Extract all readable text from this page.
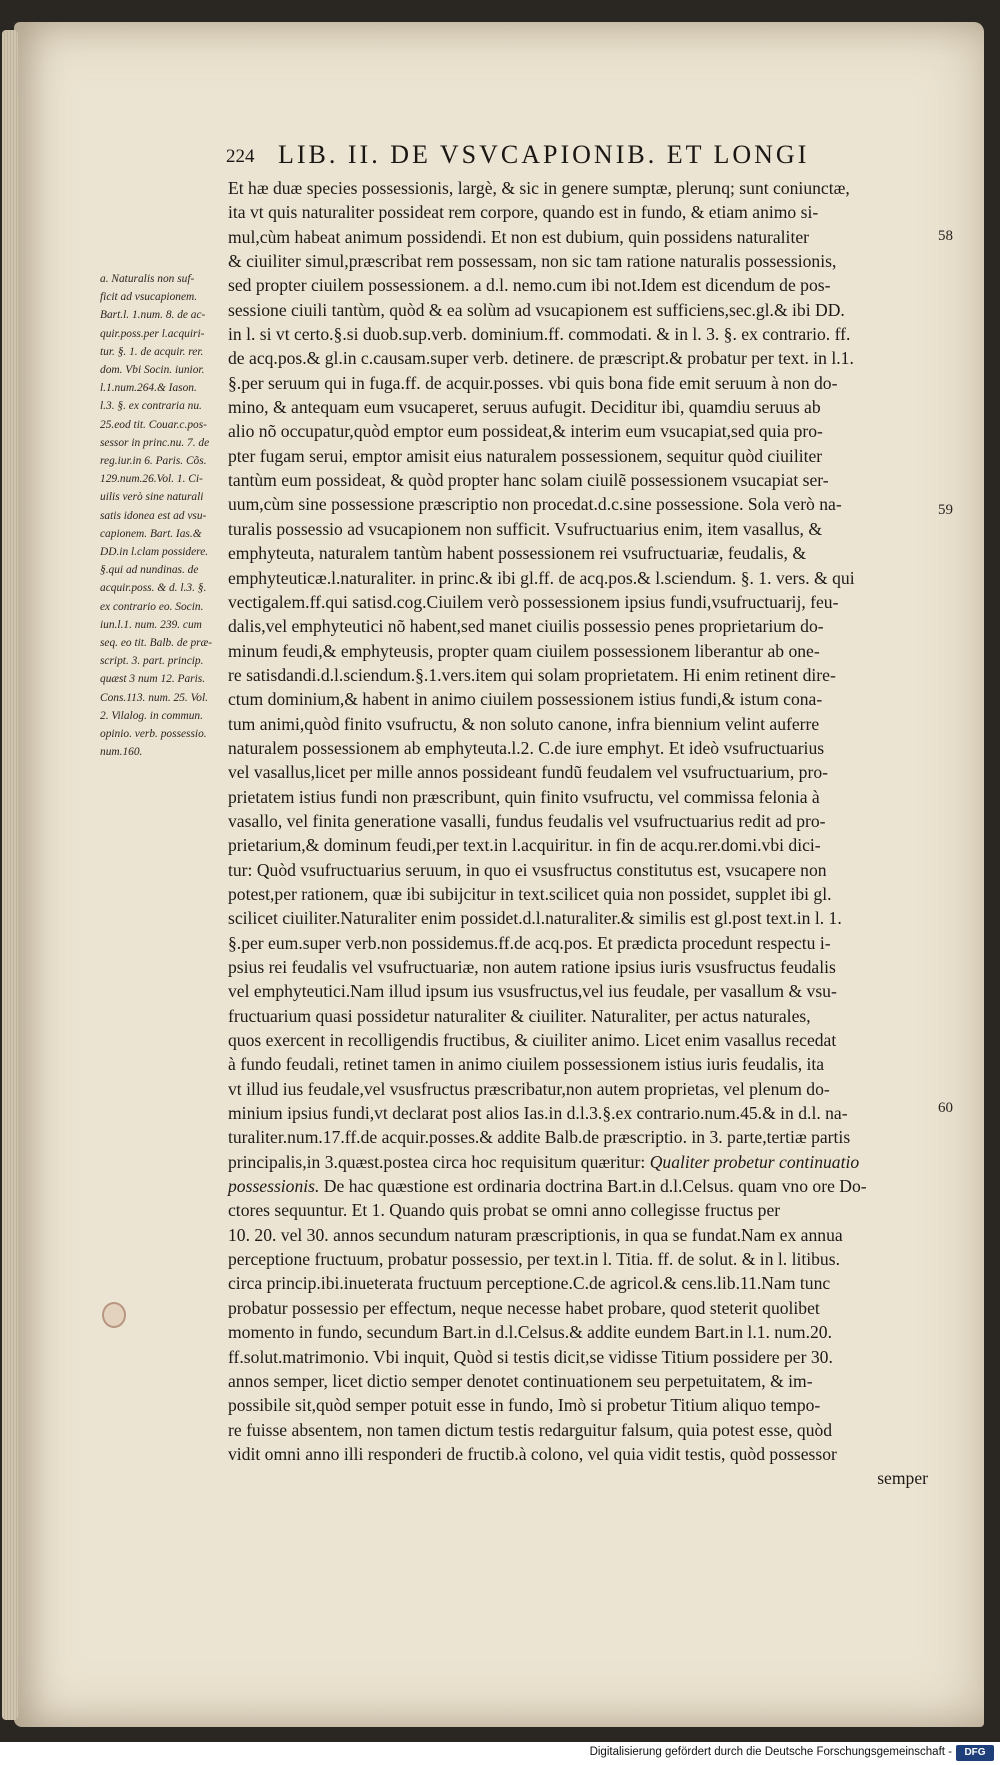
224 LIB. II. DE VSVCAPIONIB. ET LONGI
a. Naturalis non suf-
ficit ad vsucapionem.
Bart.l. 1.num. 8. de ac-
quir.poss.per l.acquiri-
tur. §. 1. de acquir. rer.
dom. Vbi Socin. iunior.
l.1.num.264.& Iason.
l.3. §. ex contraria nu.
25.eod tit. Couar.c.pos-
sessor in princ.nu. 7. de
reg.iur.in 6. Paris. Cõs.
129.num.26.Vol. 1. Ci-
uilis verò sine naturali
satis idonea est ad vsu-
capionem. Bart. Ias.&
DD.in l.clam possidere.
§.qui ad nundinas. de
acquir.poss. & d. l.3. §.
ex contrario eo. Socin.
iun.l.1. num. 239. cum
seq. eo tit. Balb. de præ-
script. 3. part. princip.
quæst 3 num 12. Paris.
Cons.113. num. 25. Vol.
2. Vilalog. in commun.
opinio. verb. possessio.
num.160.
Et hæ duæ species possessionis, largè, & sic in genere sumptæ, plerunq; sunt coniunctæ,
ita vt quis naturaliter possideat rem corpore, quando est in fundo, & etiam animo si-
mul,cùm habeat animum possidendi. Et non est dubium, quin possidens naturaliter
& ciuiliter simul,præscribat rem possessam, non sic tam ratione naturalis possessionis,
sed propter ciuilem possessionem. a d.l. nemo.cum ibi not.Idem est dicendum de pos-
sessione ciuili tantùm, quòd & ea solùm ad vsucapionem est sufficiens,sec.gl.& ibi DD.
in l. si vt certo.§.si duob.sup.verb. dominium.ff. commodati. & in l. 3. §. ex contrario. ff.
de acq.pos.& gl.in c.causam.super verb. detinere. de præscript.& probatur per text. in l.1.
§.per seruum qui in fuga.ff. de acquir.posses. vbi quis bona fide emit seruum à non do-
mino, & antequam eum vsucaperet, seruus aufugit. Deciditur ibi, quamdiu seruus ab
alio nõ occupatur,quòd emptor eum possideat,& interim eum vsucapiat,sed quia pro-
pter fugam serui, emptor amisit eius naturalem possessionem, sequitur quòd ciuiliter
tantùm eum possideat, & quòd propter hanc solam ciuilẽ possessionem vsucapiat ser-
uum,cùm sine possessione præscriptio non procedat.d.c.sine possessione. Sola verò na-
turalis possessio ad vsucapionem non sufficit. Vsufructuarius enim, item vasallus, &
emphyteuta, naturalem tantùm habent possessionem rei vsufructuariæ, feudalis, &
emphyteuticæ.l.naturaliter. in princ.& ibi gl.ff. de acq.pos.& l.sciendum. §. 1. vers. & qui
vectigalem.ff.qui satisd.cog.Ciuilem verò possessionem ipsius fundi,vsufructuarij, feu-
dalis,vel emphyteutici nõ habent,sed manet ciuilis possessio penes proprietarium do-
minum feudi,& emphyteusis, propter quam ciuilem possessionem liberantur ab one-
re satisdandi.d.l.sciendum.§.1.vers.item qui solam proprietatem. Hi enim retinent dire-
ctum dominium,& habent in animo ciuilem possessionem istius fundi,& istum cona-
tum animi,quòd finito vsufructu, & non soluto canone, infra biennium velint auferre
naturalem possessionem ab emphyteuta.l.2. C.de iure emphyt. Et ideò vsufructuarius
vel vasallus,licet per mille annos possideant fundũ feudalem vel vsufructuarium, pro-
prietatem istius fundi non præscribunt, quin finito vsufructu, vel commissa felonia à
vasallo, vel finita generatione vasalli, fundus feudalis vel vsufructuarius redit ad pro-
prietarium,& dominum feudi,per text.in l.acquiritur. in fin de acqu.rer.domi.vbi dici-
tur: Quòd vsufructuarius seruum, in quo ei vsusfructus constitutus est, vsucapere non
potest,per rationem, quæ ibi subijcitur in text.scilicet quia non possidet, supplet ibi gl.
scilicet ciuiliter.Naturaliter enim possidet.d.l.naturaliter.& similis est gl.post text.in l. 1.
§.per eum.super verb.non possidemus.ff.de acq.pos. Et prædicta procedunt respectu i-
psius rei feudalis vel vsufructuariæ, non autem ratione ipsius iuris vsusfructus feudalis
vel emphyteutici.Nam illud ipsum ius vsusfructus,vel ius feudale, per vasallum & vsu-
fructuarium quasi possidetur naturaliter & ciuiliter. Naturaliter, per actus naturales,
quos exercent in recolligendis fructibus, & ciuiliter animo. Licet enim vasallus recedat
à fundo feudali, retinet tamen in animo ciuilem possessionem istius iuris feudalis, ita
vt illud ius feudale,vel vsusfructus præscribatur,non autem proprietas, vel plenum do-
minium ipsius fundi,vt declarat post alios Ias.in d.l.3.§.ex contrario.num.45.& in d.l. na-
turaliter.num.17.ff.de acquir.posses.& addite Balb.de præscriptio. in 3. parte,tertiæ partis
principalis,in 3.quæst.postea circa hoc requisitum quæritur: Qualiter probetur continuatio
possessionis. De hac quæstione est ordinaria doctrina Bart.in d.l.Celsus. quam vno ore Do-
ctores sequuntur. Et 1. Quando quis probat se omni anno collegisse fructus per
10. 20. vel 30. annos secundum naturam præscriptionis, in qua se fundat.Nam ex annua
perceptione fructuum, probatur possessio, per text.in l. Titia. ff. de solut. & in l. litibus.
circa princip.ibi.inueterata fructuum perceptione.C.de agricol.& cens.lib.11.Nam tunc
probatur possessio per effectum, neque necesse habet probare, quod steterit quolibet
momento in fundo, secundum Bart.in d.l.Celsus.& addite eundem Bart.in l.1. num.20.
ff.solut.matrimonio. Vbi inquit, Quòd si testis dicit,se vidisse Titium possidere per 30.
annos semper, licet dictio semper denotet continuationem seu perpetuitatem, & im-
possibile sit,quòd semper potuit esse in fundo, Imò si probetur Titium aliquo tempo-
re fuisse absentem, non tamen dictum testis redarguitur falsum, quia potest esse, quòd
vidit omni anno illi responderi de fructib.à colono, vel quia vidit testis, quòd possessor
semper
58
59
60
Digitalisierung gefördert durch die Deutsche Forschungsgemeinschaft -	DFG
